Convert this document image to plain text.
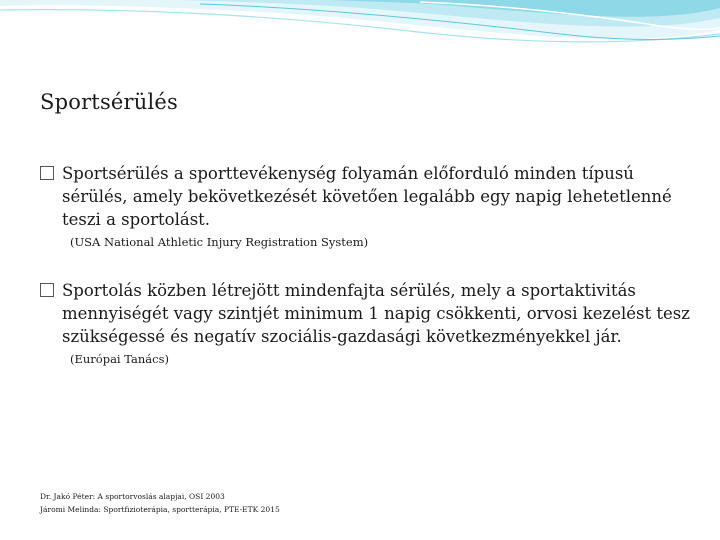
Sportsérülés
Sportsérülés a sporttevékenység folyamán előforduló minden típusú sérülés, amely bekövetkezését követően legalább egy napig lehetetlenné teszi a sportolást.
(USA National Athletic Injury Registration System)
Sportolás közben létrejött mindenfajta sérülés, mely a sportaktivitás mennyiségét vagy szintjét minimum 1 napig csökkenti, orvosi kezelést tesz szükségessé és negatív szociális-gazdasági következményekkel jár.
(Európai Tanács)
Dr. Jakó Péter: A sportorvoslás alapjai, OSI 2003
Járomi Melinda: Sportfizioterápia, sportterápia, PTE-ETK 2015
